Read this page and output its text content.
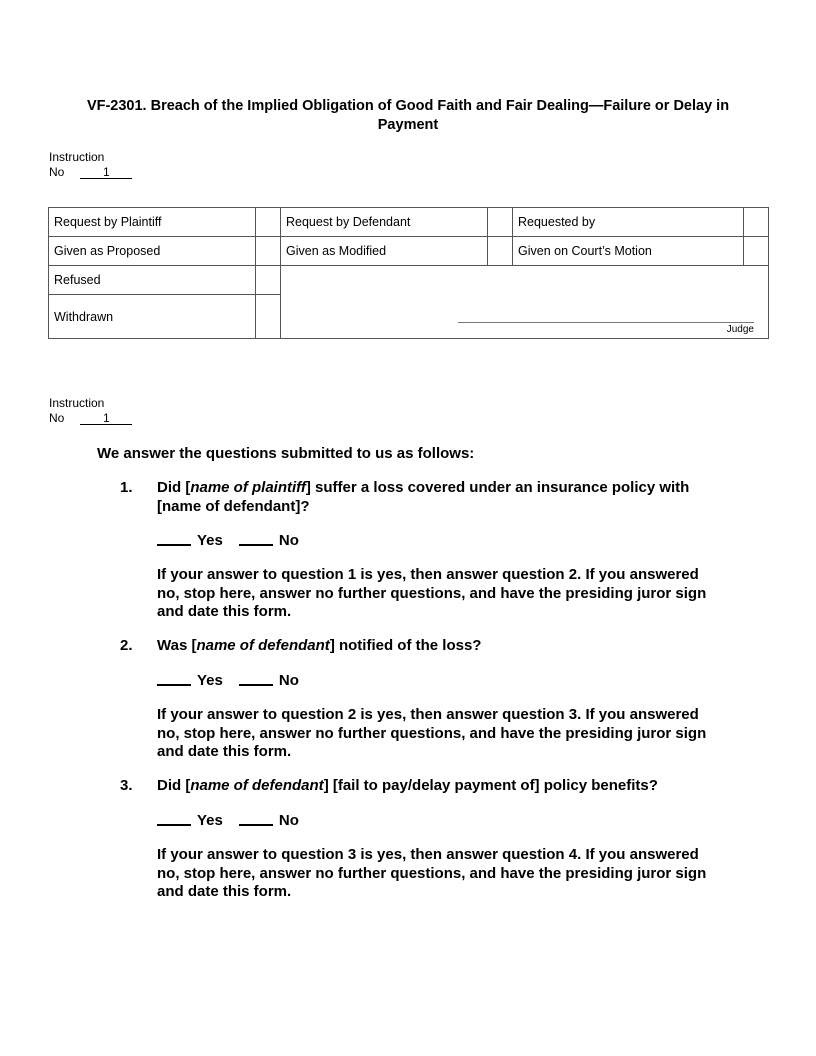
VF-2301. Breach of the Implied Obligation of Good Faith and Fair Dealing—Failure or Delay in Payment
Instruction
No	1
Request by Plaintiff		Request by Defendant		Requested by	
Given as Proposed		Given as Modified		Given on Court’s Motion	
Refused		Judge			

Withdrawn					
Instruction
No	1
We answer the questions submitted to us as follows:
1. Did [name of plaintiff] suffer a loss covered under an insurance policy with [name of defendant]?
Yes	No
If your answer to question 1 is yes, then answer question 2. If you answered no, stop here, answer no further questions, and have the presiding juror sign and date this form.
2. Was [name of defendant] notified of the loss?
Yes	No
If your answer to question 2 is yes, then answer question 3. If you answered no, stop here, answer no further questions, and have the presiding juror sign and date this form.
3. Did [name of defendant] [fail to pay/delay payment of] policy benefits?
Yes	No
If your answer to question 3 is yes, then answer question 4. If you answered no, stop here, answer no further questions, and have the presiding juror sign and date this form.
